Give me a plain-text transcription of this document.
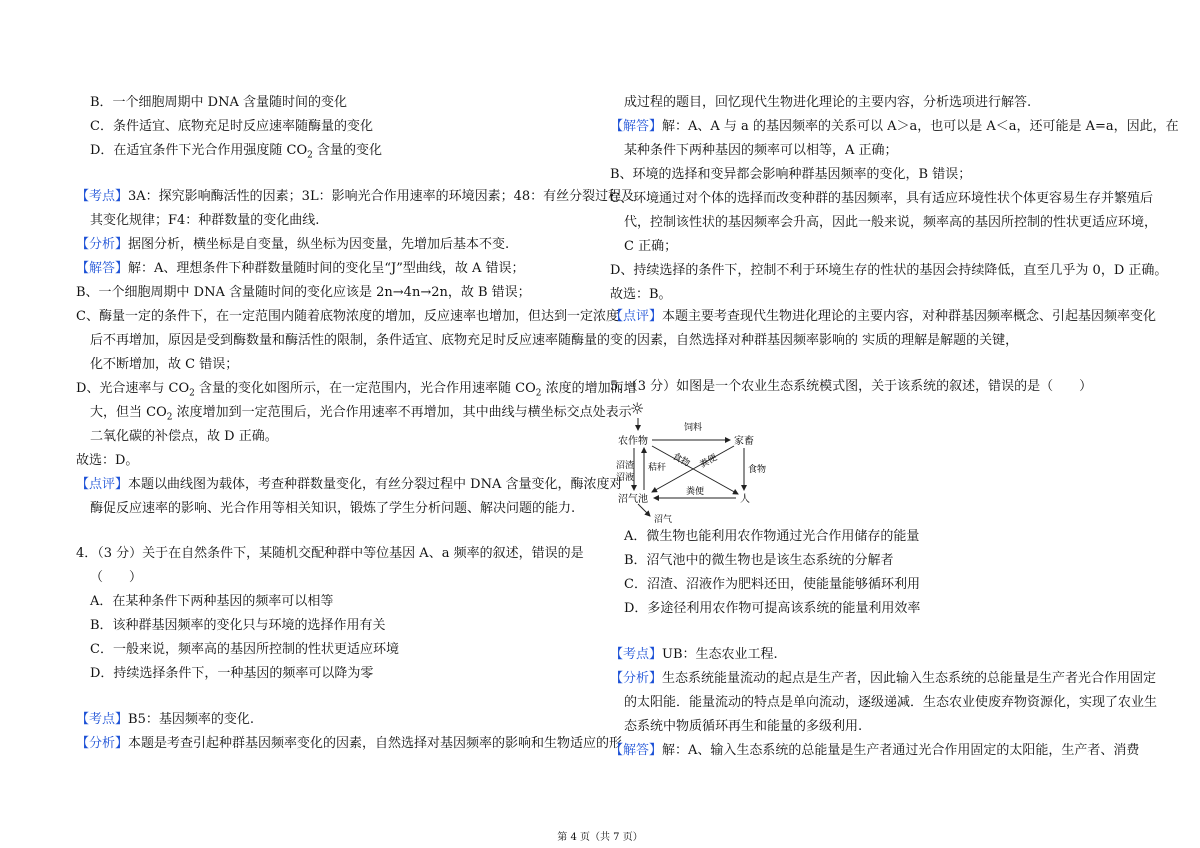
B．一个细胞周期中 DNA 含量随时间的变化
C．条件适宜、底物充足时反应速率随酶量的变化
D．在适宜条件下光合作用强度随 $CO_2$ 含量的变化
【考点】3A：探究影响酶活性的因素；3L：影响光合作用速率的环境因素；48：有丝分裂过程及
其变化规律；F4：种群数量的变化曲线.
【分析】据图分析，横坐标是自变量，纵坐标为因变量，先增加后基本不变.
【解答】解：A、理想条件下种群数量随时间的变化呈“J”型曲线，故 A 错误；
B、一个细胞周期中 DNA 含量随时间的变化应该是 2n→4n→2n，故 B 错误；
C、酶量一定的条件下，在一定范围内随着底物浓度的增加，反应速率也增加，但达到一定浓度
后不再增加，原因是受到酶数量和酶活性的限制，条件适宜、底物充足时反应速率随酶量的变
化不断增加，故 C 错误；
D、光合速率与 $CO_2$ 含量的变化如图所示，在一定范围内，光合作用速率随 $CO_2$ 浓度的增加而增
大，但当 $CO_2$ 浓度增加到一定范围后，光合作用速率不再增加，其中曲线与横坐标交点处表示
二氧化碳的补偿点，故 D 正确。
故选：D。
【点评】本题以曲线图为载体，考查种群数量变化，有丝分裂过程中 DNA 含量变化，酶浓度对
酶促反应速率的影响、光合作用等相关知识，锻炼了学生分析问题、解决问题的能力.
4．（3 分）关于在自然条件下，某随机交配种群中等位基因 A、a 频率的叙述，错误的是
（　　）
A．在某种条件下两种基因的频率可以相等
B．该种群基因频率的变化只与环境的选择作用有关
C．一般来说，频率高的基因所控制的性状更适应环境
D．持续选择条件下，一种基因的频率可以降为零
【考点】B5：基因频率的变化.
【分析】本题是考查引起种群基因频率变化的因素，自然选择对基因频率的影响和生物适应的形
成过程的题目，回忆现代生物进化理论的主要内容，分析选项进行解答.
【解答】解：A、A 与 a 的基因频率的关系可以 A＞a，也可以是 A＜a，还可能是 A=a，因此，在
某种条件下两种基因的频率可以相等，A 正确；
B、环境的选择和变异都会影响种群基因频率的变化，B 错误；
C、环境通过对个体的选择而改变种群的基因频率，具有适应环境性状个体更容易生存并繁殖后
代，控制该性状的基因频率会升高，因此一般来说，频率高的基因所控制的性状更适应环境，
C 正确；
D、持续选择的条件下，控制不利于环境生存的性状的基因会持续降低，直至几乎为 0，D 正确。
故选：B。
【点评】本题主要考查现代生物进化理论的主要内容，对种群基因频率概念、引起基因频率变化
的因素，自然选择对种群基因频率影响的 实质的理解是解题的关键，
5．（3 分）如图是一个农业生态系统模式图，关于该系统的叙述，错误的是（　　）
☼
农作物	家畜
沼气池	人
饲料
沼渣
沼液
秸秆	食物
食物 粪便
粪便
沼气
A．微生物也能利用农作物通过光合作用储存的能量
B．沼气池中的微生物也是该生态系统的分解者
C．沼渣、沼液作为肥料还田，使能量能够循环利用
D．多途径利用农作物可提高该系统的能量利用效率
【考点】UB：生态农业工程.
【分析】生态系统能量流动的起点是生产者，因此输入生态系统的总能量是生产者光合作用固定
的太阳能．能量流动的特点是单向流动，逐级递减．生态农业使废弃物资源化，实现了农业生
态系统中物质循环再生和能量的多级利用.
【解答】解：A、输入生态系统的总能量是生产者通过光合作用固定的太阳能，生产者、消费
第 4 页（共 7 页）
